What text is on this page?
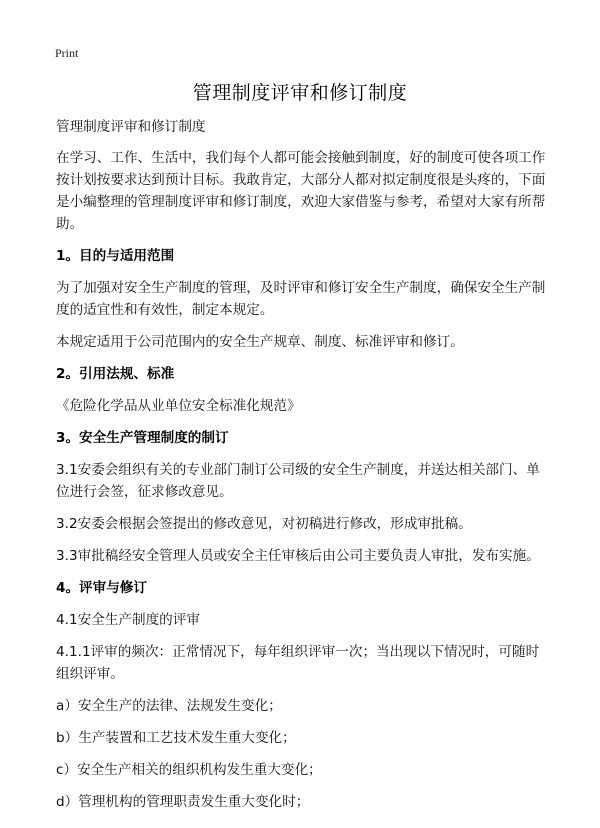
Print
管理制度评审和修订制度

管理制度评审和修订制度

在学习、工作、生活中，我们每个人都可能会接触到制度，好的制度可使各项工作按计划按要求达到预计目标。我敢肯定，大部分人都对拟定制度很是头疼的，下面是小编整理的管理制度评审和修订制度，欢迎大家借鉴与参考，希望对大家有所帮助。

1。目的与适用范围

为了加强对安全生产制度的管理，及时评审和修订安全生产制度，确保安全生产制度的适宜性和有效性，制定本规定。

本规定适用于公司范围内的安全生产规章、制度、标准评审和修订。

2。引用法规、标准

《危险化学品从业单位安全标准化规范》

3。安全生产管理制度的制订

3.1安委会组织有关的专业部门制订公司级的安全生产制度，并送达相关部门、单位进行会签，征求修改意见。

3.2安委会根据会签提出的修改意见，对初稿进行修改，形成审批稿。

3.3审批稿经安全管理人员或安全主任审核后由公司主要负责人审批，发布实施。

4。评审与修订

4.1安全生产制度的评审

4.1.1评审的频次：正常情况下，每年组织评审一次；当出现以下情况时，可随时组织评审。

a）安全生产的法律、法规发生变化；

b）生产装置和工艺技术发生重大变化；

c）安全生产相关的组织机构发生重大变化；

d）管理机构的管理职责发生重大变化时；
